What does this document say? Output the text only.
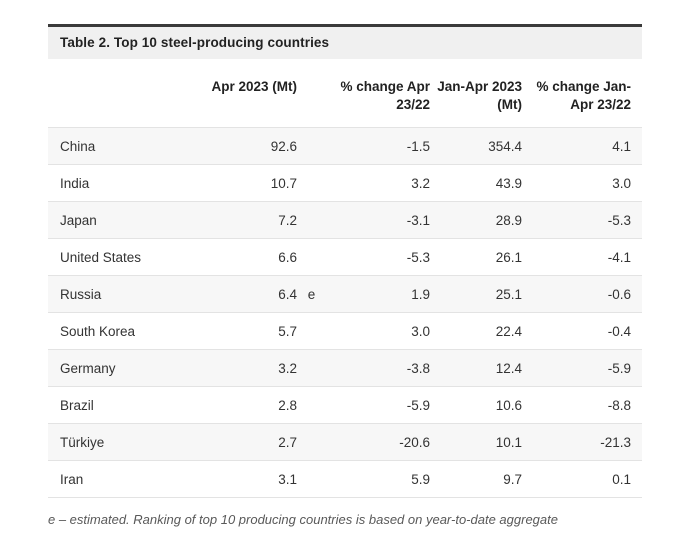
Table 2. Top 10 steel-producing countries
	Apr 2023 (Mt)		% change Apr 23/22	Jan-Apr 2023 (Mt)	% change Jan-Apr 23/22
China	92.6		-1.5	354.4	4.1
India	10.7		3.2	43.9	3.0
Japan	7.2		-3.1	28.9	-5.3
United States	6.6		-5.3	26.1	-4.1
Russia	6.4	e	1.9	25.1	-0.6
South Korea	5.7		3.0	22.4	-0.4
Germany	3.2		-3.8	12.4	-5.9
Brazil	2.8		-5.9	10.6	-8.8
Türkiye	2.7		-20.6	10.1	-21.3
Iran	3.1		5.9	9.7	0.1
e – estimated. Ranking of top 10 producing countries is based on year-to-date aggregate
